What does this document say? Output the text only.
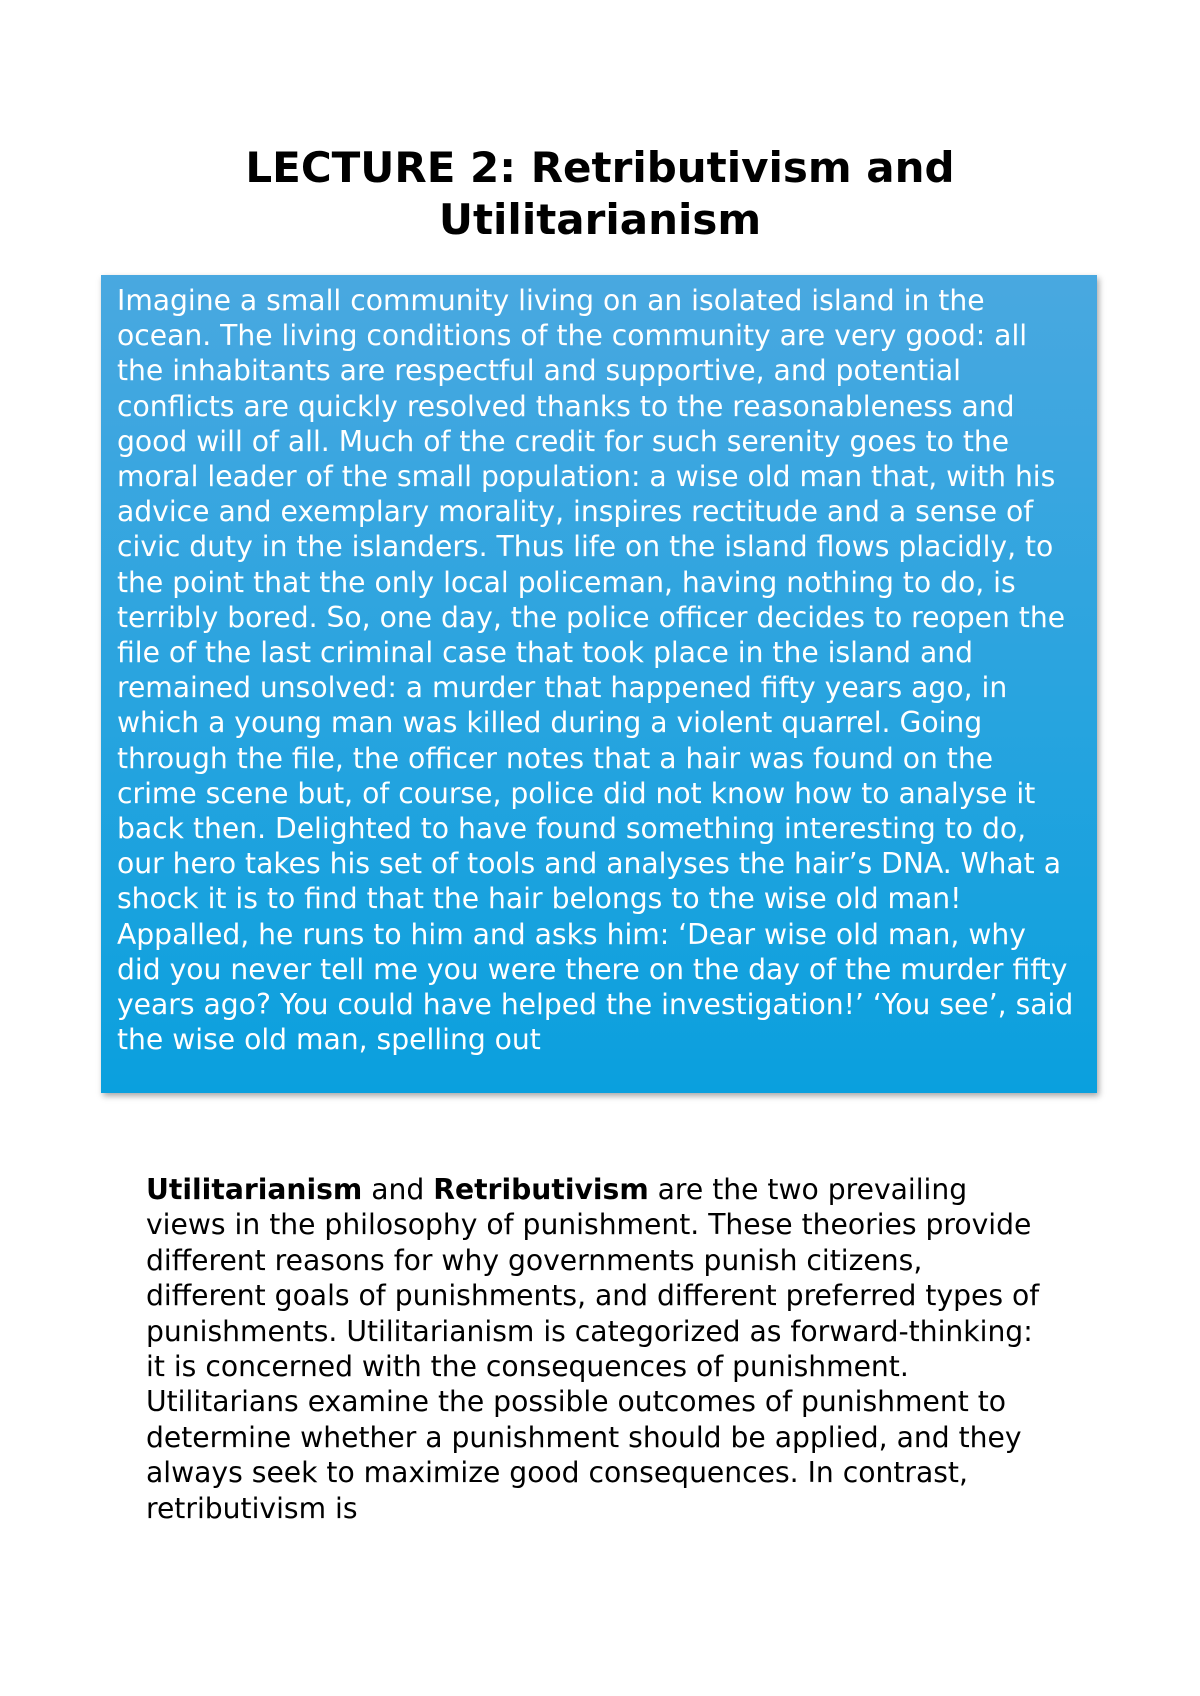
LECTURE 2: Retributivism and Utilitarianism

Imagine a small community living on an isolated island in the ocean. The living conditions of the community are very good: all the inhabitants are respectful and supportive, and potential conflicts are quickly resolved thanks to the reasonableness and good will of all. Much of the credit for such serenity goes to the moral leader of the small population: a wise old man that, with his advice and exemplary morality, inspires rectitude and a sense of civic duty in the islanders. Thus life on the island flows placidly, to the point that the only local policeman, having nothing to do, is terribly bored. So, one day, the police officer decides to reopen the file of the last criminal case that took place in the island and remained unsolved: a murder that happened fifty years ago, in which a young man was killed during a violent quarrel. Going through the file, the officer notes that a hair was found on the crime scene but, of course, police did not know how to analyse it back then. Delighted to have found something interesting to do, our hero takes his set of tools and analyses the hair’s DNA. What a shock it is to find that the hair belongs to the wise old man! Appalled, he runs to him and asks him: ‘Dear wise old man, why did you never tell me you were there on the day of the murder fifty years ago? You could have helped the investigation!’ ‘You see’, said the wise old man, spelling out

Utilitarianism and Retributivism are the two prevailing views in the philosophy of punishment. These theories provide different reasons for why governments punish citizens, different goals of punishments, and different preferred types of punishments. Utilitarianism is categorized as forward-thinking: it is concerned with the consequences of punishment. Utilitarians examine the possible outcomes of punishment to determine whether a punishment should be applied, and they always seek to maximize good consequences. In contrast, retributivism is
